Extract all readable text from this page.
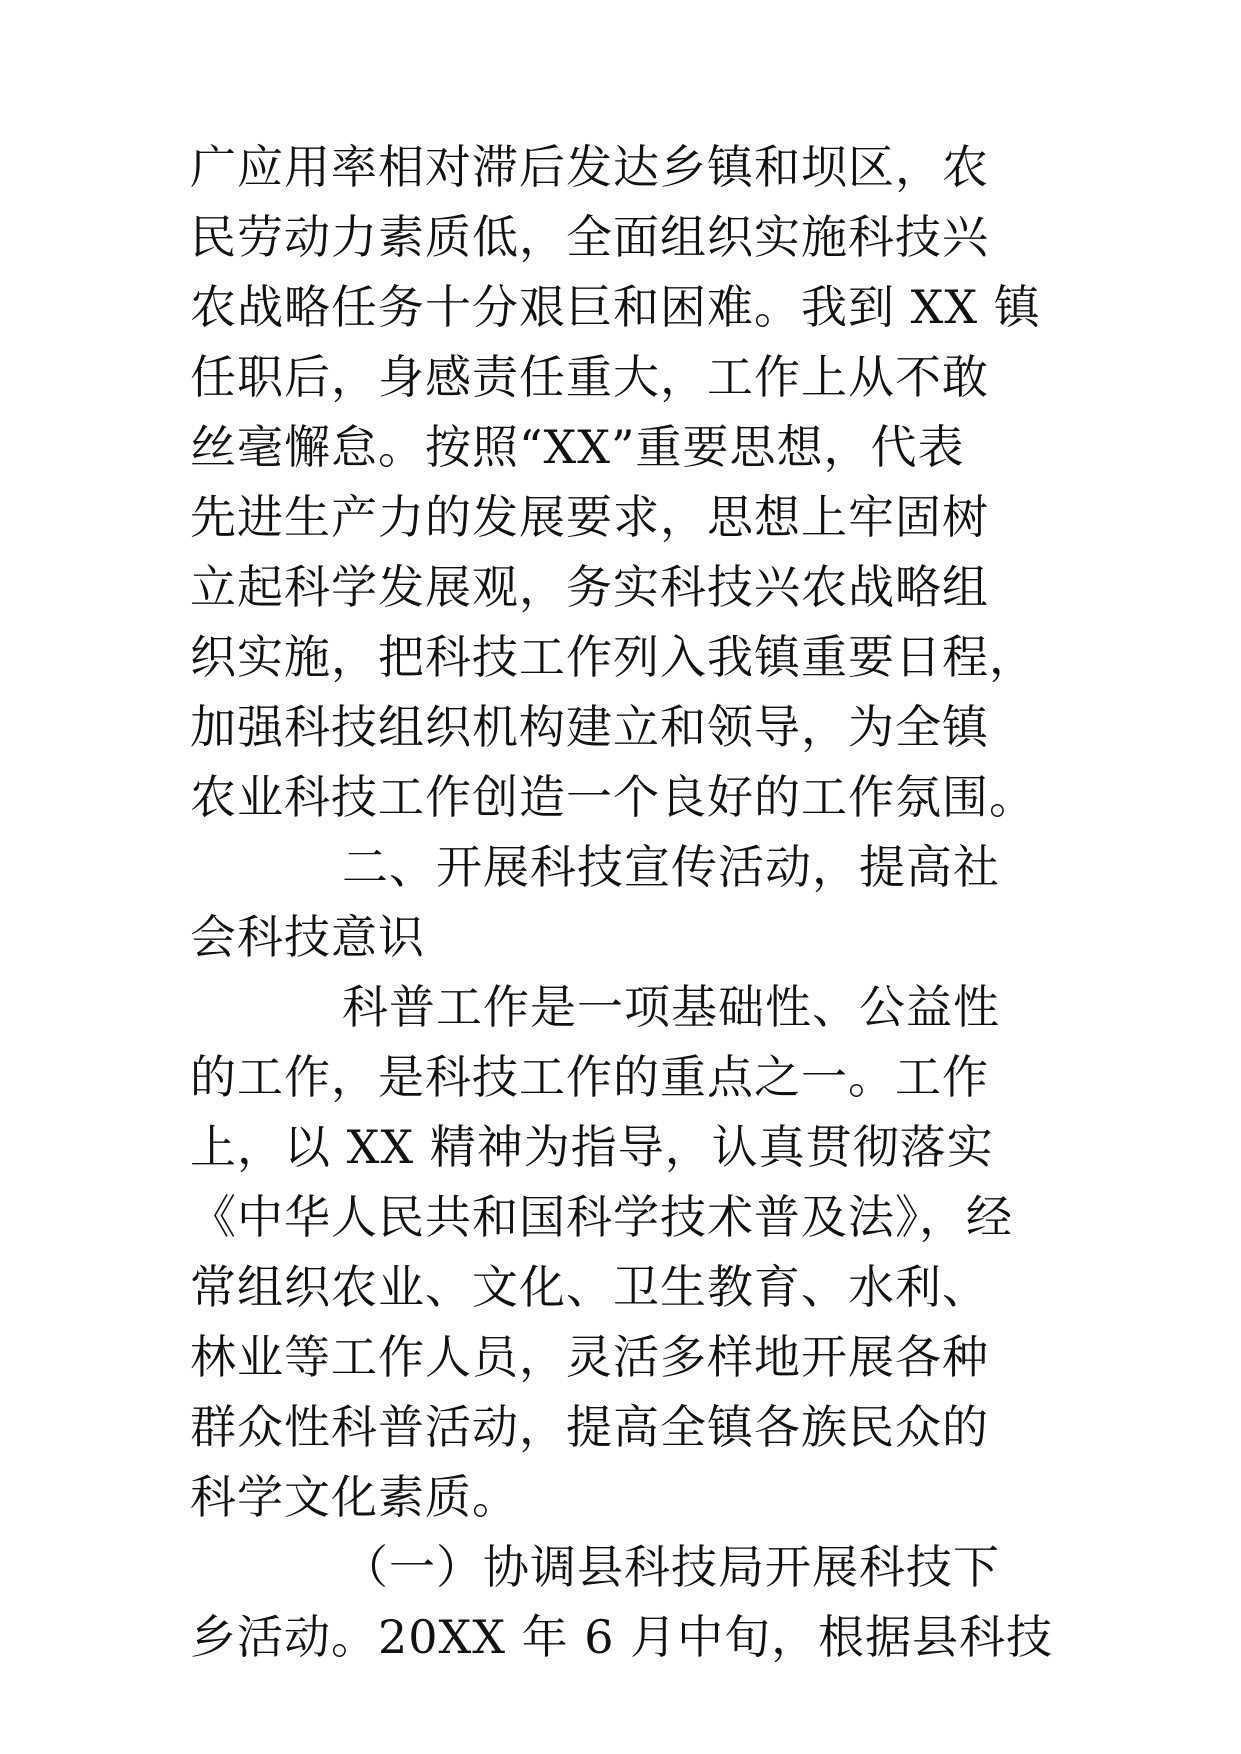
广应用率相对滞后发达乡镇和坝区，农
民劳动力素质低，全面组织实施科技兴
农战略任务十分艰巨和困难。我到 XX 镇
任职后，身感责任重大，工作上从不敢
丝毫懈怠。按照“XX”重要思想，代表
先进生产力的发展要求，思想上牢固树
立起科学发展观，务实科技兴农战略组
织实施，把科技工作列入我镇重要日程，
加强科技组织机构建立和领导，为全镇
农业科技工作创造一个良好的工作氛围。
二、开展科技宣传活动，提高社
会科技意识
科普工作是一项基础性、公益性
的工作，是科技工作的重点之一。工作
上，以 XX 精神为指导，认真贯彻落实
《中华人民共和国科学技术普及法》，经
常组织农业、文化、卫生教育、水利、
林业等工作人员，灵活多样地开展各种
群众性科普活动，提高全镇各族民众的
科学文化素质。
（一）协调县科技局开展科技下
乡活动。20XX 年 6 月中旬，根据县科技
